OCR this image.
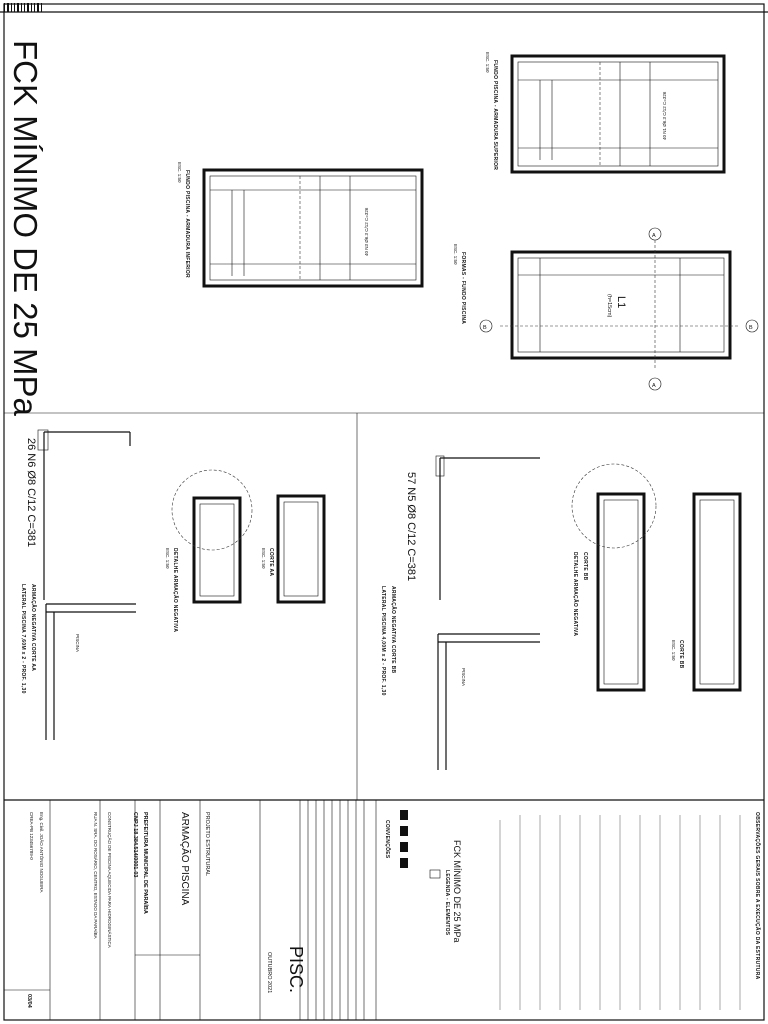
FCK MÍNIMO DE 25 MPa	FUNDO PISCINA - ARMADURA SUPERIOR
ESC. 1:50
40 N1 Ø6.3 C/12 C=326
FUNDO PISCINA - ARMADURA INFERIOR
ESC. 1:50
40 N3 Ø6.3 C/12 C=326
FORMAS - FUNDO PISCINA
ESC. 1:50
L1
(h=15cm)
A
A
B	B
26 N6 Ø8 C/12 C=381
CORTE AA
ESC. 1:50
DETALHE ARMAÇÃO NEGATIVA
ESC. 1:50
ARMAÇÃO NEGATIVA CORTE AA
LATERAL PISCINA 7,60M x 2 - PROF. 1,30	PISCINA
57 N5 Ø8 C/12 C=381	CORTE BB
DETALHE ARMAÇÃO NEGATIVA
CORTE BB
ESC. 1:50
ARMAÇÃO NEGATIVA CORTE BB
LATERAL PISCINA 4,00M x 2 - PROF. 1,30	PISCINA
CONVENÇÕES
LEGENDA - ELEMENTOS FCK MÍNIMO DE 25 MPa	OBSERVAÇÕES GERAIS SOBRE A EXECUÇÃO DA ESTRUTURA
PISC.
OUTUBRO 2021
PROJETO ESTRUTURAL
ARMAÇÃO PISCINA
PREFEITURA MUNICIPAL DE PARAÍBA
CNPJ 18.384.514/0001-03
CONSTRUÇÃO DE PISCINA AQUECIDA PARA HIDROGINÁSTICA
RUA N. SRA. DO ROSÁRIO, CENTRO, ESTADO DA PARAÍBA
Eng. Civil. JOÃO ANTÔNIO NOGUEIRA
CREA-PB 123456789-0
03/04
